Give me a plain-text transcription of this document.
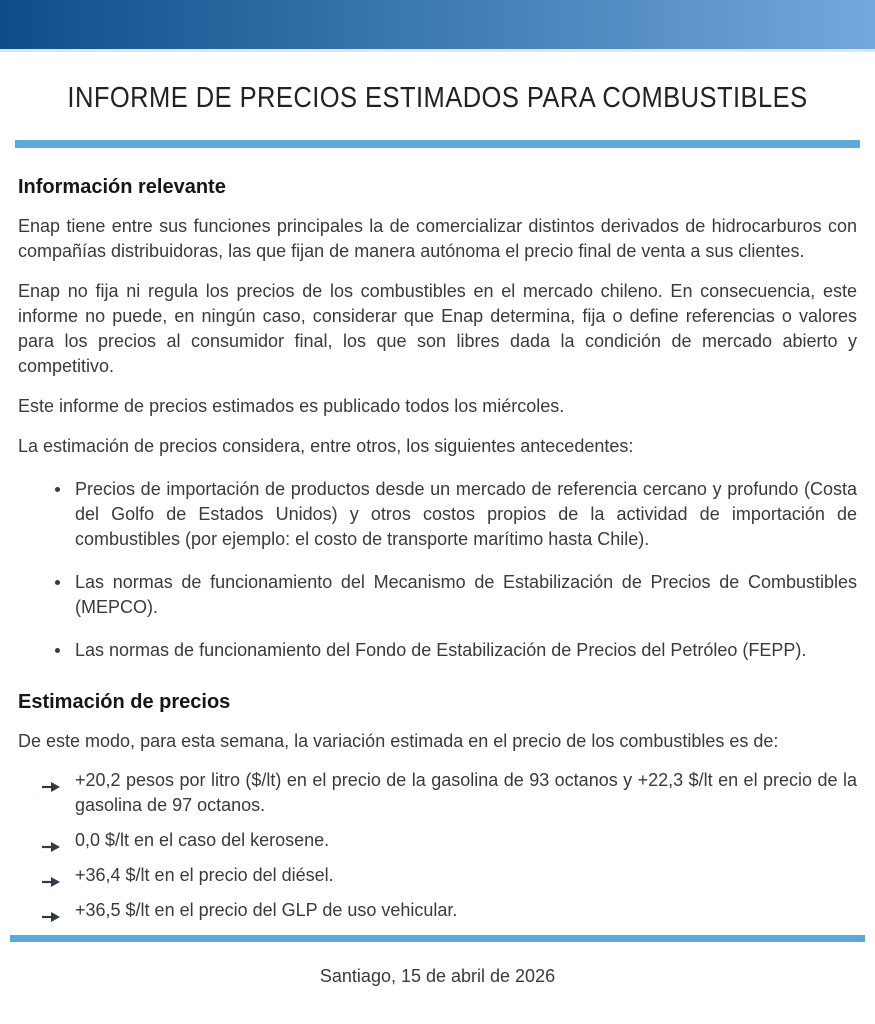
INFORME DE PRECIOS ESTIMADOS PARA COMBUSTIBLES
Información relevante

Enap tiene entre sus funciones principales la de comercializar distintos derivados de hidrocarburos con compañías distribuidoras, las que fijan de manera autónoma el precio final de venta a sus clientes.

Enap no fija ni regula los precios de los combustibles en el mercado chileno. En consecuencia, este informe no puede, en ningún caso, considerar que Enap determina, fija o define referencias o valores para los precios al consumidor final, los que son libres dada la condición de mercado abierto y competitivo.

Este informe de precios estimados es publicado todos los miércoles.

La estimación de precios considera, entre otros, los siguientes antecedentes:

Precios de importación de productos desde un mercado de referencia cercano y profundo (Costa del Golfo de Estados Unidos) y otros costos propios de la actividad de importación de combustibles (por ejemplo: el costo de transporte marítimo hasta Chile).
Las normas de funcionamiento del Mecanismo de Estabilización de Precios de Combustibles (MEPCO).
Las normas de funcionamiento del Fondo de Estabilización de Precios del Petróleo (FEPP).
Estimación de precios

De este modo, para esta semana, la variación estimada en el precio de los combustibles es de:

+20,2 pesos por litro ($/lt) en el precio de la gasolina de 93 octanos y +22,3 $/lt en el precio de la gasolina de 97 octanos.
0,0 $/lt en el caso del kerosene.
+36,4 $/lt en el precio del diésel.
+36,5 $/lt en el precio del GLP de uso vehicular.

Santiago, 15 de abril de 2026
